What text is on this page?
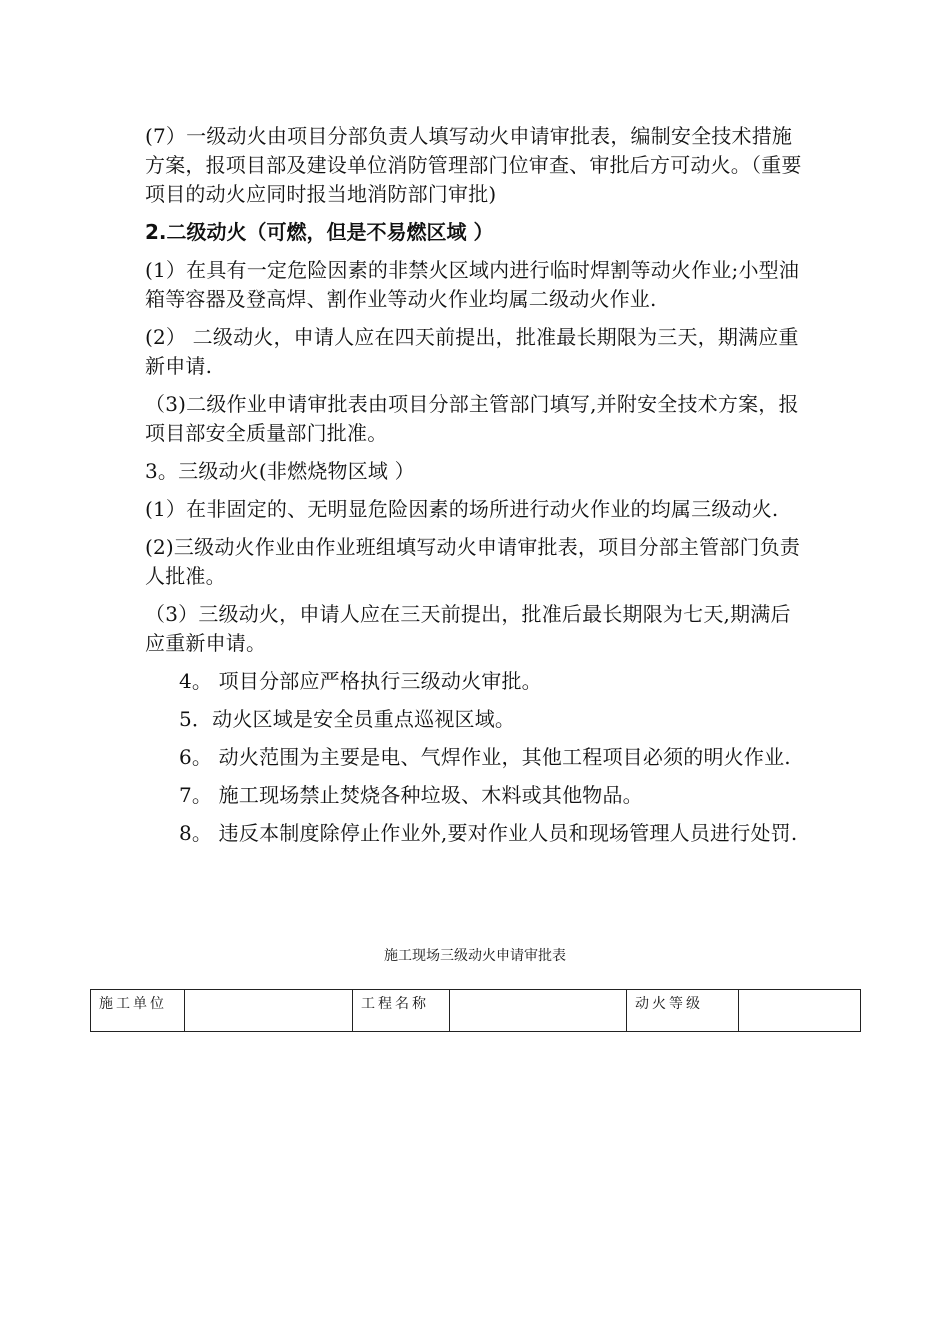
(7）一级动火由项目分部负责人填写动火申请审批表，编制安全技术措施方案，报项目部及建设单位消防管理部门位审查、审批后方可动火。（重要项目的动火应同时报当地消防部门审批)

2.二级动火（可燃，但是不易燃区域 ）

(1）在具有一定危险因素的非禁火区域内进行临时焊割等动火作业;小型油箱等容器及登高焊、割作业等动火作业均属二级动火作业.

(2） 二级动火，申请人应在四天前提出，批准最长期限为三天，期满应重新申请.

（3)二级作业申请审批表由项目分部主管部门填写,并附安全技术方案，报项目部安全质量部门批准。

3。三级动火(非燃烧物区域 ）

(1）在非固定的、无明显危险因素的场所进行动火作业的均属三级动火.

(2)三级动火作业由作业班组填写动火申请审批表，项目分部主管部门负责人批准。

（3）三级动火，申请人应在三天前提出，批准后最长期限为七天,期满后应重新申请。

4。 项目分部应严格执行三级动火审批。

5．动火区域是安全员重点巡视区域。

6。 动火范围为主要是电、气焊作业，其他工程项目必须的明火作业.

7。 施工现场禁止焚烧各种垃圾、木料或其他物品。

8。 违反本制度除停止作业外,要对作业人员和现场管理人员进行处罚.

施工现场三级动火申请审批表
施工单位		工程名称		动火等级	
